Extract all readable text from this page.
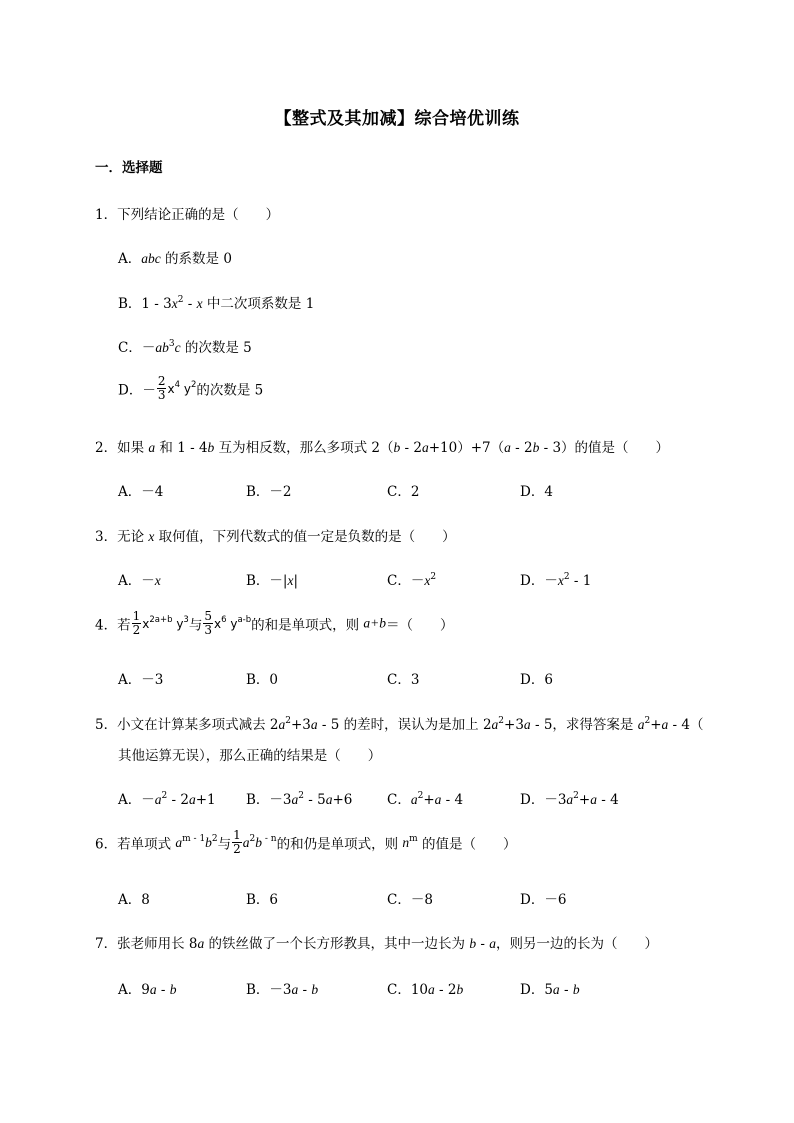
【整式及其加减】综合培优训练
一．选择题
1．下列结论正确的是（　　）
A．abc 的系数是 0
B．$1 - 3x^2$ - x 中二次项系数是 1
C．$-ab^3c$ 的次数是 5
D．－ $\frac{2}{3} x^4$ $y^2$的次数是 5
2．如果 a 和 1 - 4b 互为相反数，那么多项式 2（b - 2a+10）+7（a - 2b - 3）的值是（　　）
A．－4	B．－2	C．2	D．4
3．无论 x 取何值，下列代数式的值一定是负数的是（　　）
A．－x	B．－|x|	C．$-x^2$	D．$-x^2 - 1$
4．若 $\frac{1}{2} x^{2a+b}$ $y^3$与 $\frac{5}{3} x^6$ $y^{a-b}$的和是单项式，则 a+b＝（　　）
A．－3	B．0	C．3	D．6
5．小文在计算某多项式减去 $2a^2+3a - 5$ 的差时，误认为是加上 $2a^2+3a - 5$，求得答案是 $a^2+a - 4$（
其他运算无误），那么正确的结果是（　　）
A．$-a^2 - 2a+1$ B．$-3a^2 - 5a+6$	C．$a^2+a - 4$	D．$-3a^2+a - 4$
6．若单项式 $a^{m - 1}b^2$与 $\frac{1}{2} a^2b$ $^{- n}$的和仍是单项式，则 $n^m$ 的值是（　　）
A．8	B．6	C．－8	D．－6
7．张老师用长 8a 的铁丝做了一个长方形教具，其中一边长为 b - a，则另一边的长为（　　）
A．9a - b	B．－3a - b	C．10a - 2b	D．5a - b
